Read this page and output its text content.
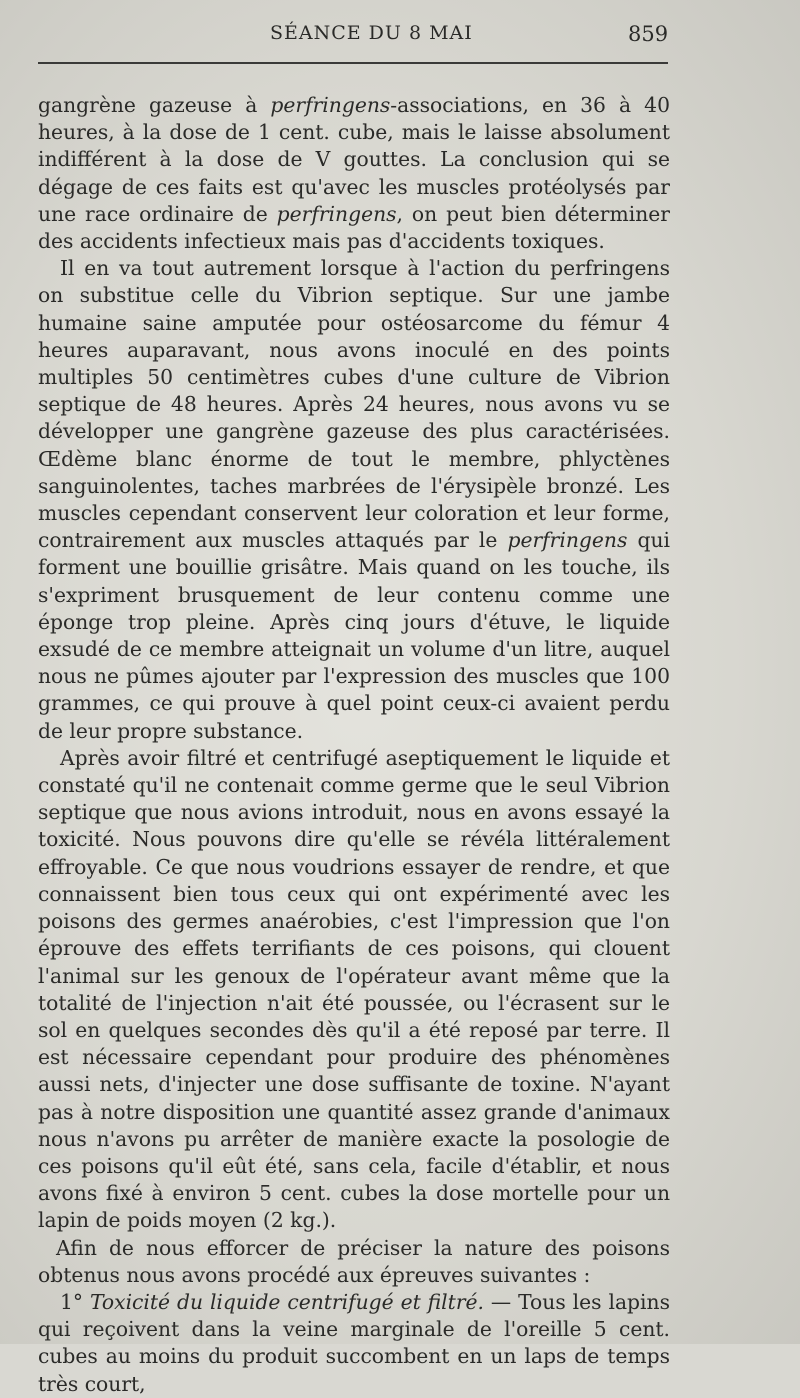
SÉANCE DU 8 MAI	859

gangrène gazeuse à perfringens-associations, en 36 à 40 heures, à la dose de 1 cent. cube, mais le laisse absolument indifférent à la dose de V gouttes. La conclusion qui se dégage de ces faits est qu'avec les muscles protéolysés par une race ordinaire de perfringens, on peut bien déterminer des accidents infectieux mais pas d'accidents toxiques.

Il en va tout autrement lorsque à l'action du perfringens on substitue celle du Vibrion septique. Sur une jambe humaine saine amputée pour ostéosarcome du fémur 4 heures auparavant, nous avons inoculé en des points multiples 50 centimètres cubes d'une culture de Vibrion septique de 48 heures. Après 24 heures, nous avons vu se développer une gangrène gazeuse des plus caractérisées. Œdème blanc énorme de tout le membre, phlyctènes sanguinolentes, taches marbrées de l'érysipèle bronzé. Les muscles cependant conservent leur coloration et leur forme, contrairement aux muscles attaqués par le perfringens qui forment une bouillie grisâtre. Mais quand on les touche, ils s'expriment brusquement de leur contenu comme une éponge trop pleine. Après cinq jours d'étuve, le liquide exsudé de ce membre atteignait un volume d'un litre, auquel nous ne pûmes ajouter par l'expression des muscles que 100 grammes, ce qui prouve à quel point ceux-ci avaient perdu de leur propre substance.

Après avoir filtré et centrifugé aseptiquement le liquide et constaté qu'il ne contenait comme germe que le seul Vibrion septique que nous avions introduit, nous en avons essayé la toxicité. Nous pouvons dire qu'elle se révéla littéralement effroyable. Ce que nous voudrions essayer de rendre, et que connaissent bien tous ceux qui ont expérimenté avec les poisons des germes anaérobies, c'est l'impression que l'on éprouve des effets terrifiants de ces poisons, qui clouent l'animal sur les genoux de l'opérateur avant même que la totalité de l'injection n'ait été poussée, ou l'écrasent sur le sol en quelques secondes dès qu'il a été reposé par terre. Il est nécessaire cependant pour produire des phénomènes aussi nets, d'injecter une dose suffisante de toxine. N'ayant pas à notre disposition une quantité assez grande d'animaux nous n'avons pu arrêter de manière exacte la posologie de ces poisons qu'il eût été, sans cela, facile d'établir, et nous avons fixé à environ 5 cent. cubes la dose mortelle pour un lapin de poids moyen (2 kg.).

Afin de nous efforcer de préciser la nature des poisons obtenus nous avons procédé aux épreuves suivantes :

1° Toxicité du liquide centrifugé et filtré. — Tous les lapins qui reçoivent dans la veine marginale de l'oreille 5 cent. cubes au moins du produit succombent en un laps de temps très court,
